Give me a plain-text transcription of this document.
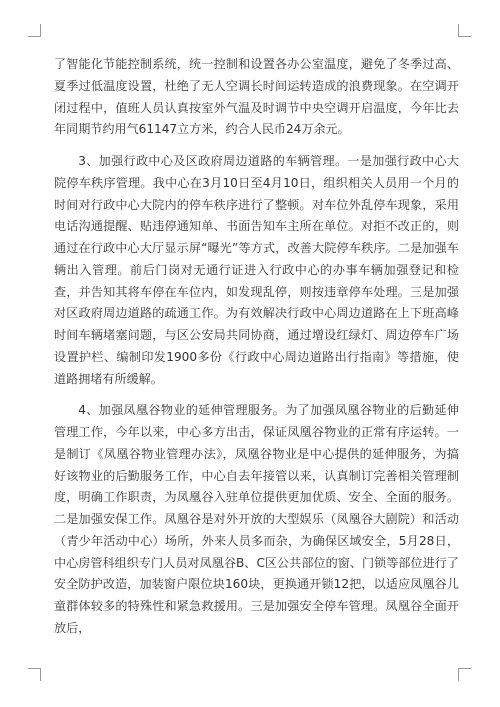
了智能化节能控制系统，统一控制和设置各办公室温度，避免了冬季过高、夏季过低温度设置，杜绝了无人空调长时间运转造成的浪费现象。在空调开闭过程中，值班人员认真按室外气温及时调节中央空调开启温度，今年比去年同期节约用气61147立方米，约合人民币24万余元。

3、加强行政中心及区政府周边道路的车辆管理。一是加强行政中心大院停车秩序管理。我中心在3月10日至4月10日，组织相关人员用一个月的时间对行政中心大院内的停车秩序进行了整顿。对车位外乱停车现象，采用电话沟通提醒、贴违停通知单、书面告知车主所在单位。对拒不改正的，则通过在行政中心大厅显示屏“曝光”等方式，改善大院停车秩序。二是加强车辆出入管理。前后门岗对无通行证进入行政中心的办事车辆加强登记和检查，并告知其将车停在车位内，如发现乱停，则按违章停车处理。三是加强对区政府周边道路的疏通工作。为有效解决行政中心周边道路在上下班高峰时间车辆堵塞问题，与区公安局共同协商，通过增设红绿灯、周边停车广场设置护栏、编制印发1900多份《行政中心周边道路出行指南》等措施，使道路拥堵有所缓解。

4、加强凤凰谷物业的延伸管理服务。为了加强凤凰谷物业的后勤延伸管理工作，今年以来，中心多方出击，保证凤凰谷物业的正常有序运转。一是制订《凤凰谷物业管理办法》，凤凰谷物业是中心提供的延伸服务，为搞好该物业的后勤服务工作，中心自去年接管以来，认真制订完善相关管理制度，明确工作职责，为凤凰谷入驻单位提供更加优质、安全、全面的服务。二是加强安保工作。凤凰谷是对外开放的大型娱乐（凤凰谷大剧院）和活动（青少年活动中心）场所，外来人员多而杂，为确保区域安全，5月28日，中心房管科组织专门人员对凤凰谷B、C区公共部位的窗、门锁等部位进行了安全防护改造，加装窗户限位块160块，更换通开锁12把，以适应凤凰谷儿童群体较多的特殊性和紧急救援用。三是加强安全停车管理。凤凰谷全面开放后，
